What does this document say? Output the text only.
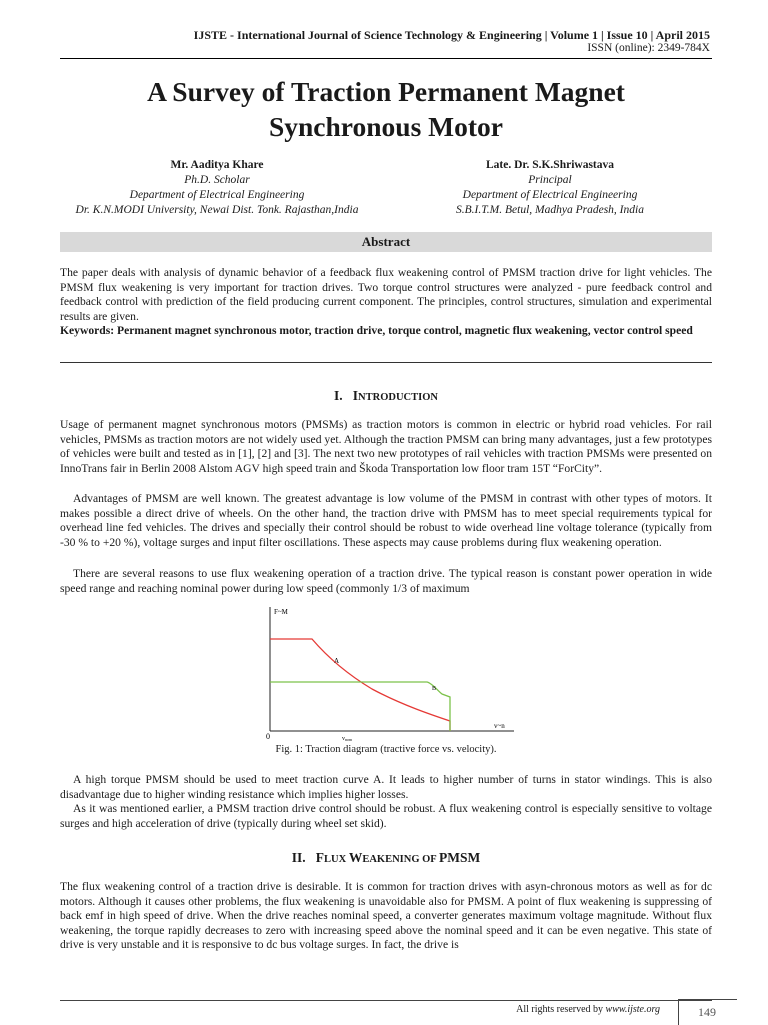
IJSTE - International Journal of Science Technology & Engineering | Volume 1 | Issue 10 | April 2015
ISSN (online): 2349-784X
A Survey of Traction Permanent Magnet
Synchronous Motor
Mr. Aaditya Khare
Ph.D. Scholar
Department of Electrical Engineering
Dr. K.N.MODI University, Newai Dist. Tonk. Rajasthan,India
Late. Dr. S.K.Shriwastava
Principal
Department of Electrical Engineering
S.B.I.T.M. Betul, Madhya Pradesh, India
Abstract
The paper deals with analysis of dynamic behavior of a feedback flux weakening control of PMSM traction drive for light vehicles. The PMSM flux weakening is very important for traction drives. Two torque control structures were analyzed - pure feedback control and feedback control with prediction of the field producing current component. The principles, control structures, simulation and experimental results are given.
Keywords: Permanent magnet synchronous motor, traction drive, torque control, magnetic flux weakening, vector control speed
I. INTRODUCTION
Usage of permanent magnet synchronous motors (PMSMs) as traction motors is common in electric or hybrid road vehicles. For rail vehicles, PMSMs as traction motors are not widely used yet. Although the traction PMSM can bring many advantages, just a few prototypes of vehicles were built and tested as in [1], [2] and [3]. The next two new prototypes of rail vehicles with traction PMSMs were presented on InnoTrans fair in Berlin 2008 Alstom AGV high speed train and Škoda Transportation low floor tram 15T “ForCity”.
Advantages of PMSM are well known. The greatest advantage is low volume of the PMSM in contrast with other types of motors. It makes possible a direct drive of wheels. On the other hand, the traction drive with PMSM has to meet special requirements typical for overhead line fed vehicles. The drives and specially their control should be robust to wide overhead line voltage tolerance (typically from -30 % to +20 %), voltage surges and input filter oscillations. These aspects may cause problems during flux weakening operation.
There are several reasons to use flux weakening operation of a traction drive. The typical reason is constant power operation in wide speed range and reaching nominal power during low speed (commonly 1/3 of maximum
F~M
v~n
0	vnom
A
B
Fig. 1: Traction diagram (tractive force vs. velocity).
A high torque PMSM should be used to meet traction curve A. It leads to higher number of turns in stator windings. This is also disadvantage due to higher winding resistance which implies higher losses.
As it was mentioned earlier, a PMSM traction drive control should be robust. A flux weakening control is especially sensitive to voltage surges and high acceleration of drive (typically during wheel set skid).
II. FLUX WEAKENING OF PMSM
The flux weakening control of a traction drive is desirable. It is common for traction drives with asyn-chronous motors as well as for dc motors. Although it causes other problems, the flux weakening is unavoidable also for PMSM. A point of flux weakening is suppressing of back emf in high speed of drive. When the drive reaches nominal speed, a converter generates maximum voltage magnitude. Without flux weakening, the torque rapidly decreases to zero with increasing speed above the nominal speed and it can be even negative. This state of drive is very unstable and it is responsive to dc bus voltage surges. In fact, the drive is
All rights reserved by www.ijste.org	149
